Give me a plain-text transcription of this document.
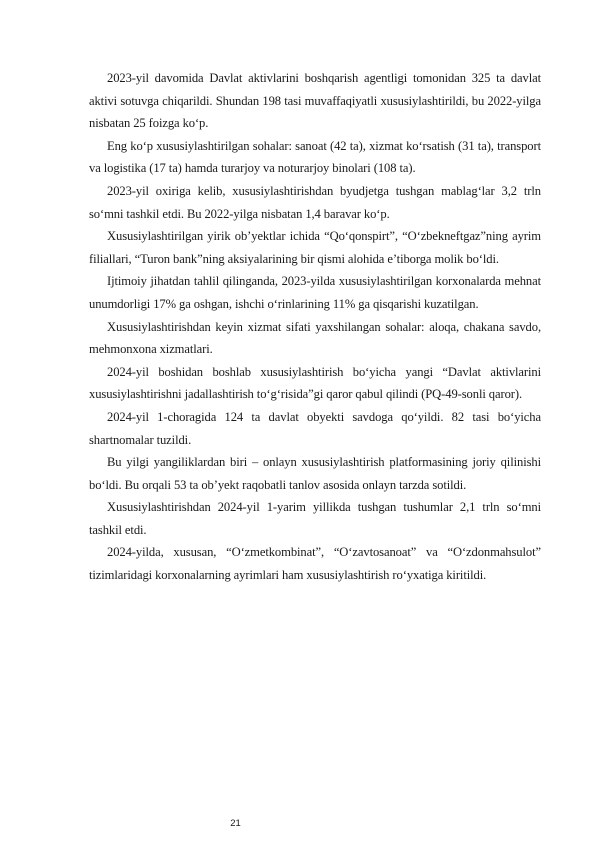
2023-yil davomida Davlat aktivlarini boshqarish agentligi tomonidan 325 ta davlat aktivi sotuvga chiqarildi. Shundan 198 tasi muvaffaqiyatli xususiylashtirildi, bu 2022-yilga nisbatan 25 foizga ko‘p.

Eng ko‘p xususiylashtirilgan sohalar: sanoat (42 ta), xizmat ko‘rsatish (31 ta), transport va logistika (17 ta) hamda turarjoy va noturarjoy binolari (108 ta).

2023-yil oxiriga kelib, xususiylashtirishdan byudjetga tushgan mablag‘lar 3,2 trln so‘mni tashkil etdi. Bu 2022-yilga nisbatan 1,4 baravar ko‘p.

Xususiylashtirilgan yirik ob’yektlar ichida “Qo‘qonspirt”, “O‘zbekneftgaz”ning ayrim filiallari, “Turon bank”ning aksiyalarining bir qismi alohida e’tiborga molik bo‘ldi.

Ijtimoiy jihatdan tahlil qilinganda, 2023-yilda xususiylashtirilgan korxonalarda mehnat unumdorligi 17% ga oshgan, ishchi o‘rinlarining 11% ga qisqarishi kuzatilgan.

Xususiylashtirishdan keyin xizmat sifati yaxshilangan sohalar: aloqa, chakana savdo, mehmonxona xizmatlari.

2024-yil boshidan boshlab xususiylashtirish bo‘yicha yangi “Davlat aktivlarini xususiylashtirishni jadallashtirish to‘g‘risida”gi qaror qabul qilindi (PQ-49-sonli qaror).

2024-yil 1-choragida 124 ta davlat obyekti savdoga qo‘yildi. 82 tasi bo‘yicha shartnomalar tuzildi.

Bu yilgi yangiliklardan biri – onlayn xususiylashtirish platformasining joriy qilinishi bo‘ldi. Bu orqali 53 ta ob’yekt raqobatli tanlov asosida onlayn tarzda sotildi.

Xususiylashtirishdan 2024-yil 1-yarim yillikda tushgan tushumlar 2,1 trln so‘mni tashkil etdi.

2024-yilda, xususan, “O‘zmetkombinat”, “O‘zavtosanoat” va “O‘zdonmahsulot” tizimlaridagi korxonalarning ayrimlari ham xususiylashtirish ro‘yxatiga kiritildi.

21
